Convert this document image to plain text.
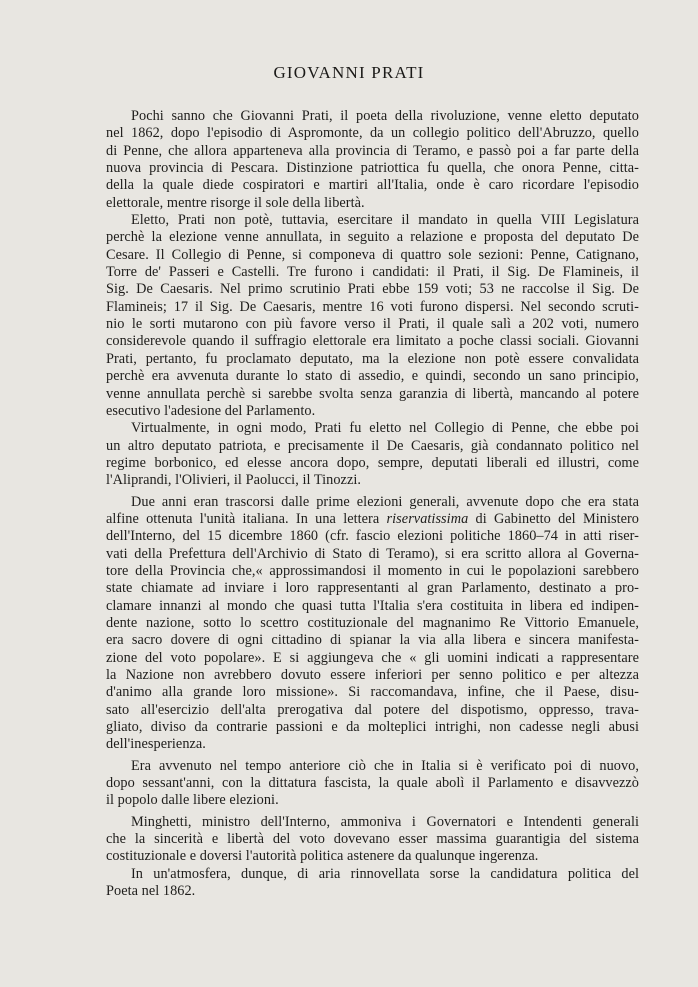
GIOVANNI PRATI
Pochi sanno che Giovanni Prati, il poeta della rivoluzione, venne eletto deputato
nel 1862, dopo l'episodio di Aspromonte, da un collegio politico dell'Abruzzo, quello
di Penne, che allora apparteneva alla provincia di Teramo, e passò poi a far parte della
nuova provincia di Pescara. Distinzione patriottica fu quella, che onora Penne, citta-
della la quale diede cospiratori e martiri all'Italia, onde è caro ricordare l'episodio
elettorale, mentre risorge il sole della libertà.
Eletto, Prati non potè, tuttavia, esercitare il mandato in quella VIII Legislatura
perchè la elezione venne annullata, in seguito a relazione e proposta del deputato De
Cesare. Il Collegio di Penne, si componeva di quattro sole sezioni: Penne, Catignano,
Torre de' Passeri e Castelli. Tre furono i candidati: il Prati, il Sig. De Flamineis, il
Sig. De Caesaris. Nel primo scrutinio Prati ebbe 159 voti; 53 ne raccolse il Sig. De
Flamineis; 17 il Sig. De Caesaris, mentre 16 voti furono dispersi. Nel secondo scruti-
nio le sorti mutarono con più favore verso il Prati, il quale salì a 202 voti, numero
considerevole quando il suffragio elettorale era limitato a poche classi sociali. Giovanni
Prati, pertanto, fu proclamato deputato, ma la elezione non potè essere convalidata
perchè era avvenuta durante lo stato di assedio, e quindi, secondo un sano principio,
venne annullata perchè si sarebbe svolta senza garanzia di libertà, mancando al potere
esecutivo l'adesione del Parlamento.
Virtualmente, in ogni modo, Prati fu eletto nel Collegio di Penne, che ebbe poi
un altro deputato patriota, e precisamente il De Caesaris, già condannato politico nel
regime borbonico, ed elesse ancora dopo, sempre, deputati liberali ed illustri, come
l'Aliprandi, l'Olivieri, il Paolucci, il Tinozzi.
Due anni eran trascorsi dalle prime elezioni generali, avvenute dopo che era stata
alfine ottenuta l'unità italiana. In una lettera riservatissima di Gabinetto del Ministero
dell'Interno, del 15 dicembre 1860 (cfr. fascio elezioni politiche 1860–74 in atti riser-
vati della Prefettura dell'Archivio di Stato di Teramo), si era scritto allora al Governa-
tore della Provincia che,« approssimandosi il momento in cui le popolazioni sarebbero
state chiamate ad inviare i loro rappresentanti al gran Parlamento, destinato a pro-
clamare innanzi al mondo che quasi tutta l'Italia s'era costituita in libera ed indipen-
dente nazione, sotto lo scettro costituzionale del magnanimo Re Vittorio Emanuele,
era sacro dovere di ogni cittadino di spianar la via alla libera e sincera manifesta-
zione del voto popolare». E si aggiungeva che « gli uomini indicati a rappresentare
la Nazione non avrebbero dovuto essere inferiori per senno politico e per altezza
d'animo alla grande loro missione». Si raccomandava, infine, che il Paese, disu-
sato all'esercizio dell'alta prerogativa dal potere del dispotismo, oppresso, trava-
gliato, diviso da contrarie passioni e da molteplici intrighi, non cadesse negli abusi
dell'inesperienza.
Era avvenuto nel tempo anteriore ciò che in Italia si è verificato poi di nuovo,
dopo sessant'anni, con la dittatura fascista, la quale abolì il Parlamento e disavvezzò
il popolo dalle libere elezioni.
Minghetti, ministro dell'Interno, ammoniva i Governatori e Intendenti generali
che la sincerità e libertà del voto dovevano esser massima guarantigia del sistema
costituzionale e doversi l'autorità politica astenere da qualunque ingerenza.
In un'atmosfera, dunque, di aria rinnovellata sorse la candidatura politica del
Poeta nel 1862.
